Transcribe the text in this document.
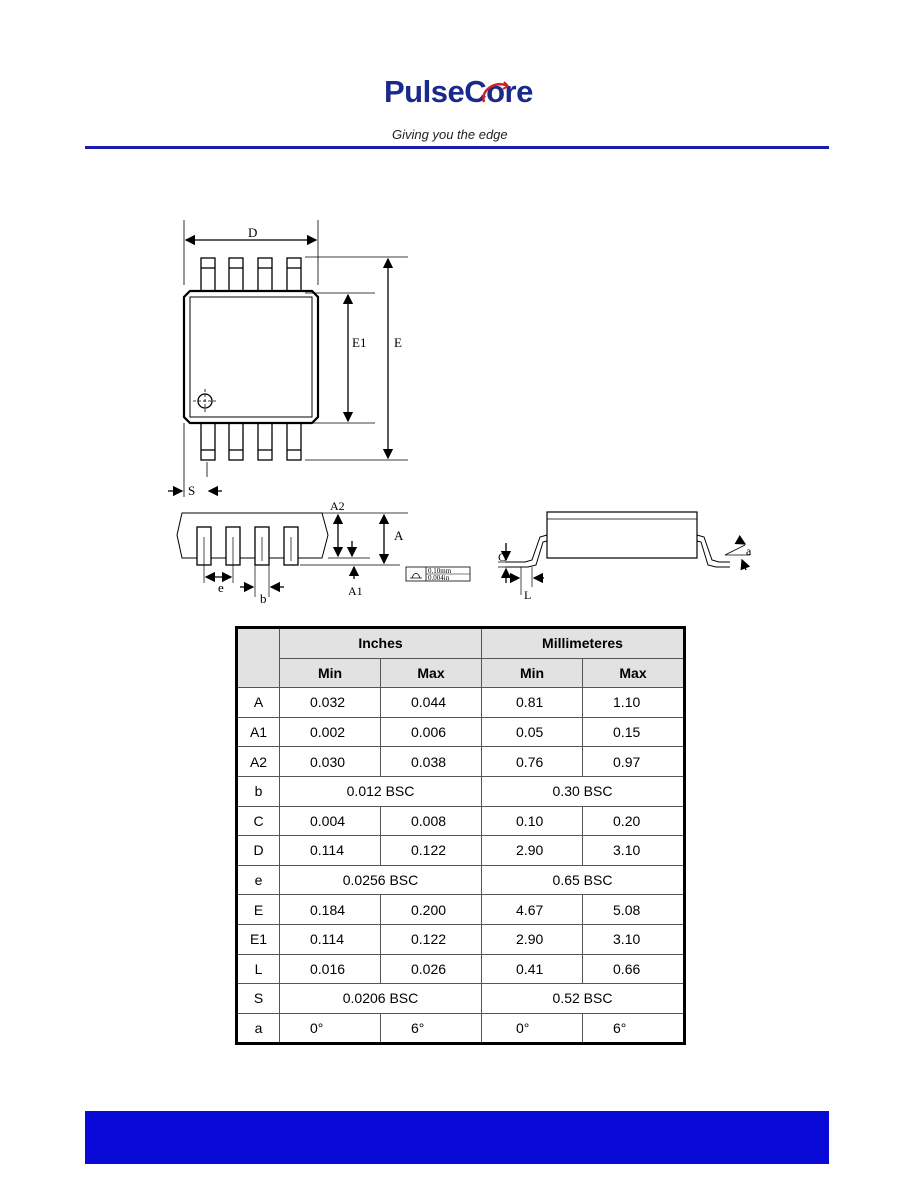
PulseCore
Giving you the edge
D
E1 E
S
A2
A
A1
e
b
0.10mm
0.004in
C
L
a
	Inches		Millimeteres	
	Min	Max	Min	Max
A	0.032	0.044	0.81	1.10
A1	0.002	0.006	0.05	0.15
A2	0.030	0.038	0.76	0.97
b	0.012 BSC		0.30 BSC	
C	0.004	0.008	0.10	0.20
D	0.114	0.122	2.90	3.10
e	0.0256 BSC		0.65 BSC	
E	0.184	0.200	4.67	5.08
E1	0.114	0.122	2.90	3.10
L	0.016	0.026	0.41	0.66
S	0.0206 BSC		0.52 BSC	
a	0°	6°	0°	6°
